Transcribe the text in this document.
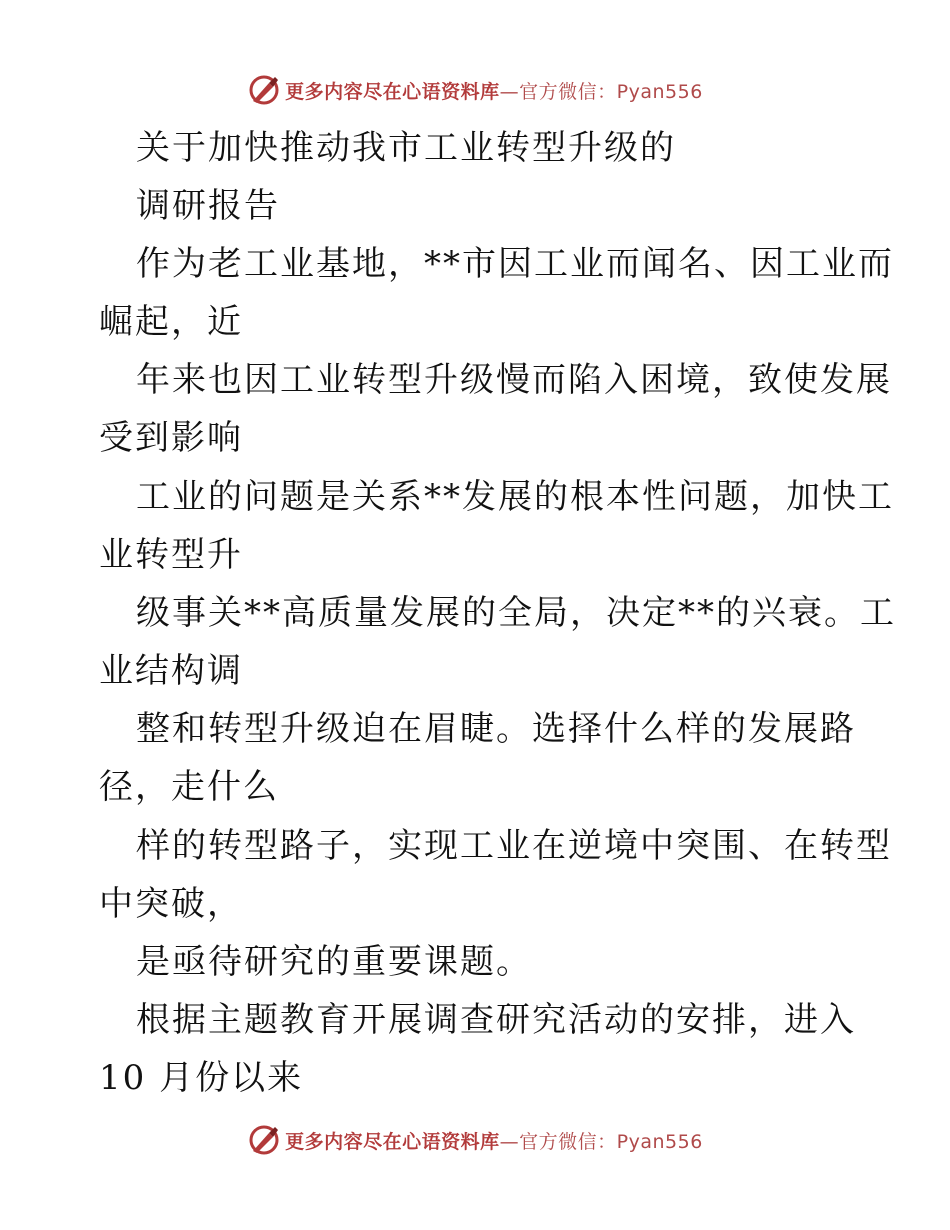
更多内容尽在心语资料库—官方微信：Pyan556
关于加快推动我市工业转型升级的
调研报告
作为老工业基地，**市因工业而闻名、因工业而
崛起，近
年来也因工业转型升级慢而陷入困境，致使发展
受到影响
工业的问题是关系**发展的根本性问题，加快工
业转型升
级事关**高质量发展的全局，决定**的兴衰。工
业结构调
整和转型升级迫在眉睫。选择什么样的发展路
径，走什么
样的转型路子，实现工业在逆境中突围、在转型
中突破，
是亟待研究的重要课题。
根据主题教育开展调查研究活动的安排，进入
10 月份以来
更多内容尽在心语资料库—官方微信：Pyan556
